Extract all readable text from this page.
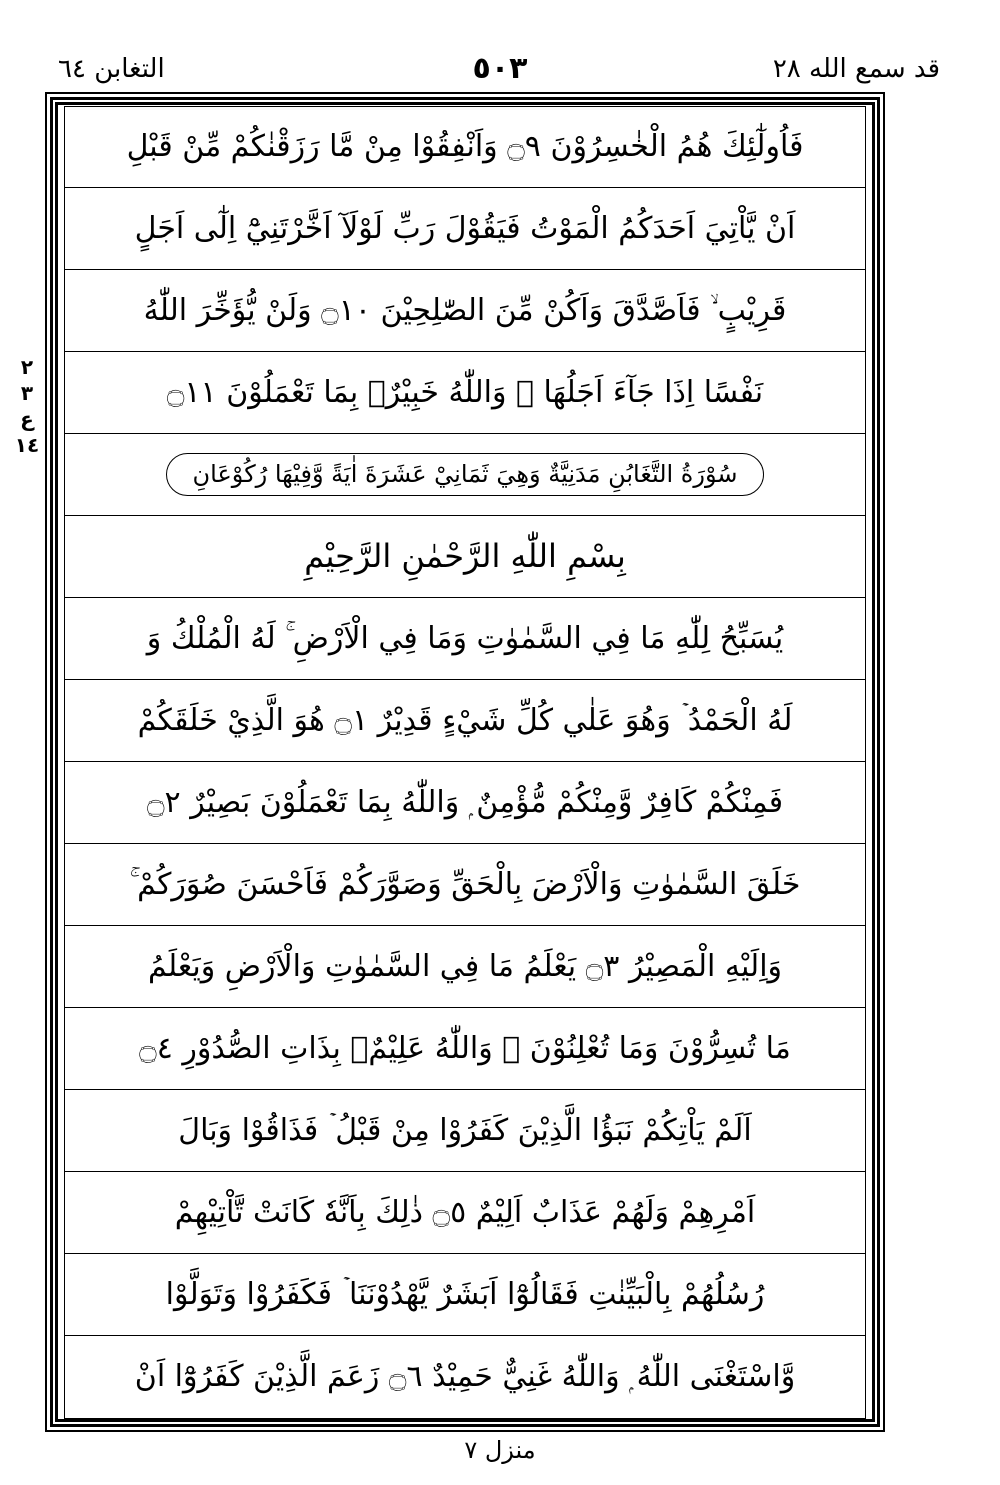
قد سمع الله ٢٨
٥٠٣
التغابن ٦٤
٢
٣
ع
١٤
فَاُولٰٓئِكَ هُمُ الْخٰسِرُوْنَ ۝٩ وَاَنْفِقُوْا مِنْ مَّا رَزَقْنٰكُمْ مِّنْ قَبْلِ
اَنْ يَّاْتِيَ اَحَدَكُمُ الْمَوْتُ فَيَقُوْلَ رَبِّ لَوْلَآ اَخَّرْتَنِيْٓ اِلٰٓى اَجَلٍ
قَرِيْبٍ ۙ فَاَصَّدَّقَ وَاَكُنْ مِّنَ الصّٰلِحِيْنَ ۝١٠ وَلَنْ يُّؤَخِّرَ اللّٰهُ
نَفْسًا اِذَا جَآءَ اَجَلُهَا ۭ وَاللّٰهُ خَبِيْرٌۢ بِمَا تَعْمَلُوْنَ ۝١١
سُوْرَةُ التَّغَابُنِ مَدَنِيَّةٌ وَهِيَ ثَمَانِيْ عَشَرَةَ اٰيَةً وَّفِيْهَا رُكُوْعَانِ
بِسْمِ اللّٰهِ الرَّحْمٰنِ الرَّحِيْمِ
يُسَبِّحُ لِلّٰهِ مَا فِي السَّمٰوٰتِ وَمَا فِي الْاَرْضِ ۚ لَهُ الْمُلْكُ وَ
لَهُ الْحَمْدُ ۡ وَهُوَ عَلٰي كُلِّ شَيْءٍ قَدِيْرٌ ۝١ هُوَ الَّذِيْ خَلَقَكُمْ
فَمِنْكُمْ كَافِرٌ وَّمِنْكُمْ مُّؤْمِنٌ ۭ وَاللّٰهُ بِمَا تَعْمَلُوْنَ بَصِيْرٌ ۝٢
خَلَقَ السَّمٰوٰتِ وَالْاَرْضَ بِالْحَقِّ وَصَوَّرَكُمْ فَاَحْسَنَ صُوَرَكُمْ ۚ
وَاِلَيْهِ الْمَصِيْرُ ۝٣ يَعْلَمُ مَا فِي السَّمٰوٰتِ وَالْاَرْضِ وَيَعْلَمُ
مَا تُسِرُّوْنَ وَمَا تُعْلِنُوْنَ ۭ وَاللّٰهُ عَلِيْمٌۢ بِذَاتِ الصُّدُوْرِ ۝٤
اَلَمْ يَاْتِكُمْ نَبَؤُا الَّذِيْنَ كَفَرُوْا مِنْ قَبْلُ ۡ فَذَاقُوْا وَبَالَ
اَمْرِهِمْ وَلَهُمْ عَذَابٌ اَلِيْمٌ ۝٥ ذٰلِكَ بِاَنَّهٗ كَانَتْ تَّاْتِيْهِمْ
رُسُلُهُمْ بِالْبَيِّنٰتِ فَقَالُوْٓا اَبَشَرٌ يَّهْدُوْنَنَا ۡ فَكَفَرُوْا وَتَوَلَّوْا
وَّاسْتَغْنَى اللّٰهُ ۭ وَاللّٰهُ غَنِيٌّ حَمِيْدٌ ۝٦ زَعَمَ الَّذِيْنَ كَفَرُوْٓا اَنْ
منزل ٧
